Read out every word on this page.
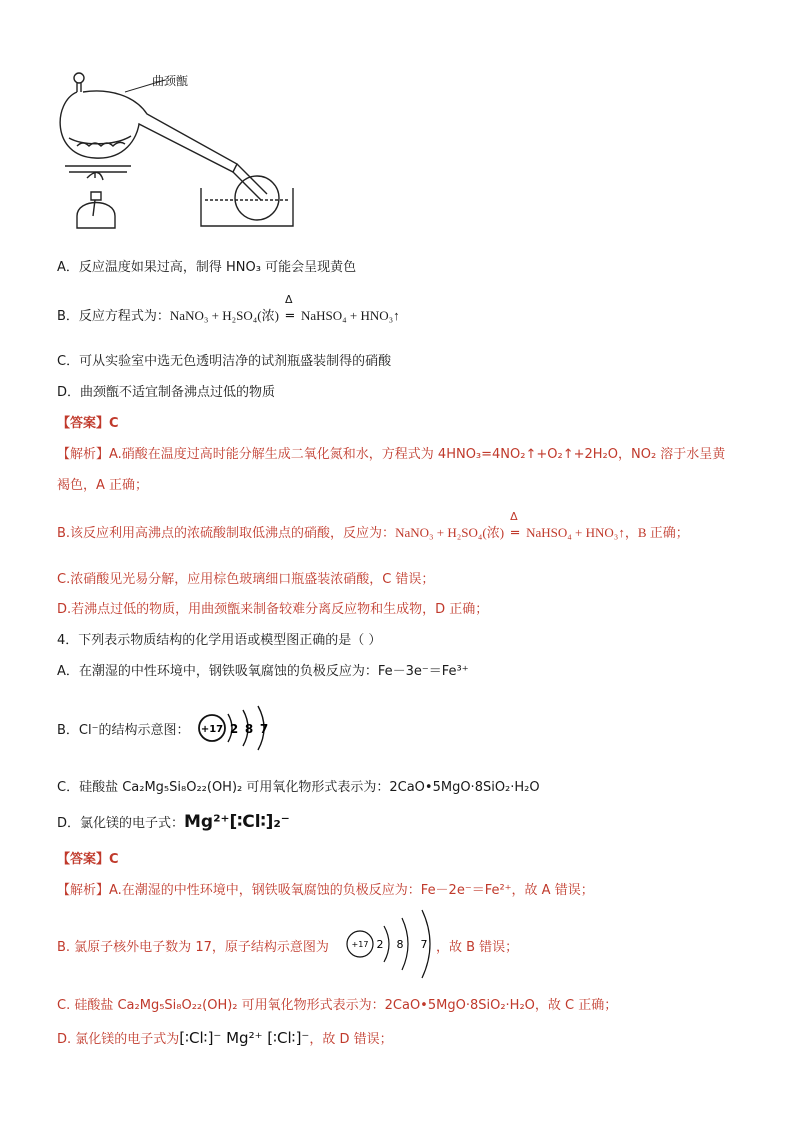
曲颈甑
A．反应温度如果过高，制得 HNO₃ 可能会呈现黄色
B．反应方程式为：NaNO₃ + H₂SO₄(浓)
Δ
═ NaHSO₄ + HNO₃↑
C．可从实验室中选无色透明洁净的试剂瓶盛装制得的硝酸
D．曲颈甑不适宜制备沸点过低的物质
【答案】C
【解析】A.硝酸在温度过高时能分解生成二氧化氮和水，方程式为 4HNO₃=4NO₂↑+O₂↑+2H₂O，NO₂ 溶于水呈黄
褐色，A 正确；
B.该反应利用高沸点的浓硫酸制取低沸点的硝酸，反应为：NaNO₃ + H₂SO₄(浓)
Δ
═ NaHSO₄ + HNO₃↑，B 正确；
C.浓硝酸见光易分解，应用棕色玻璃细口瓶盛装浓硝酸，C 错误；
D.若沸点过低的物质，用曲颈甑来制备较难分离反应物和生成物，D 正确；
4．下列表示物质结构的化学用语或模型图正确的是（ ）
A．在潮湿的中性环境中，钢铁吸氧腐蚀的负极反应为：Fe－3e⁻＝Fe³⁺
B．Cl⁻的结构示意图： +17 2 8 7
C．硅酸盐 Ca₂Mg₅Si₈O₂₂(OH)₂ 可用氧化物形式表示为：2CaO•5MgO·8SiO₂·H₂O
D．氯化镁的电子式：Mg²⁺[∶Cl∶]₂⁻
【答案】C
【解析】A.在潮湿的中性环境中，钢铁吸氧腐蚀的负极反应为：Fe－2e⁻＝Fe²⁺，故 A 错误；
B. 氯原子核外电子数为 17，原子结构示意图为	+17 2 8 7 ，故 B 错误；
C. 硅酸盐 Ca₂Mg₅Si₈O₂₂(OH)₂ 可用氧化物形式表示为：2CaO•5MgO·8SiO₂·H₂O，故 C 正确；
D. 氯化镁的电子式为[∶Cl∶]⁻ Mg²⁺ [∶Cl∶]⁻，故 D 错误；
